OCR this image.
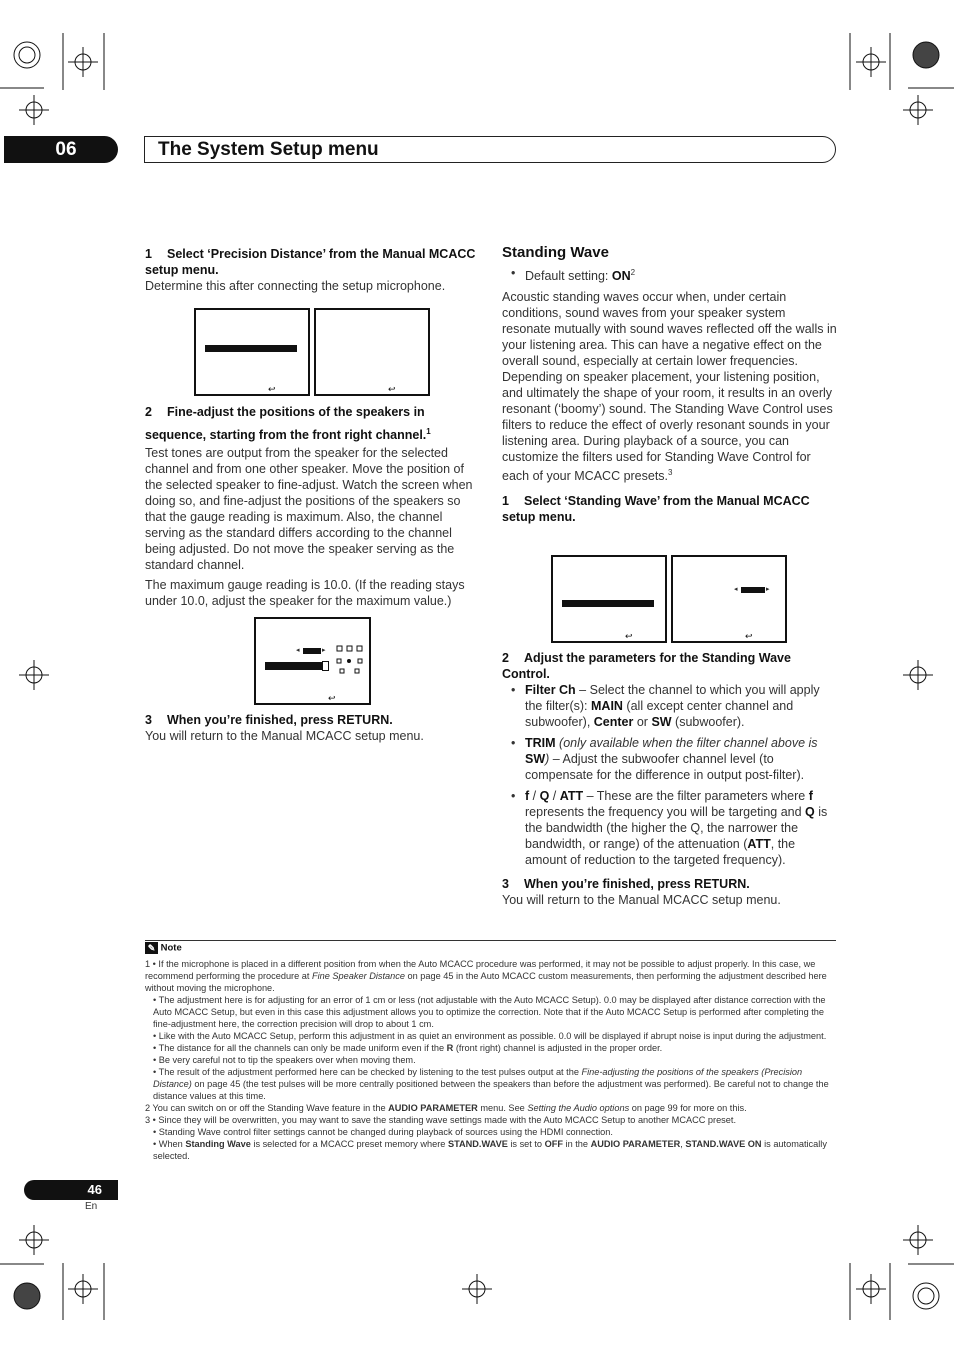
06	The System Setup menu
1 Select ‘Precision Distance’ from the Manual MCACC setup menu.
Determine this after connecting the setup microphone.
↩	↩
2 Fine-adjust the positions of the speakers in sequence, starting from the front right channel.$^1$
Test tones are output from the speaker for the selected channel and from one other speaker. Move the position of the selected speaker to fine-adjust. Watch the screen when doing so, and fine-adjust the positions of the speakers so that the gauge reading is maximum. Also, the channel serving as the standard differs according to the channel being adjusted. Do not move the speaker serving as the standard channel.
The maximum gauge reading is 10.0. (If the reading stays under 10.0, adjust the speaker for the maximum value.)
◂	▸
↩
3 When you’re finished, press RETURN.
You will return to the Manual MCACC setup menu.
Standing Wave
• Default setting: $ON^2$
Acoustic standing waves occur when, under certain conditions, sound waves from your speaker system resonate mutually with sound waves reflected off the walls in your listening area. This can have a negative effect on the overall sound, especially at certain lower frequencies. Depending on speaker placement, your listening position, and ultimately the shape of your room, it results in an overly resonant (‘boomy’) sound. The Standing Wave Control uses filters to reduce the effect of overly resonant sounds in your listening area. During playback of a source, you can customize the filters used for Standing Wave Control for each of your MCACC presets.$^3$
1 Select ‘Standing Wave’ from the Manual MCACC setup menu.
↩
◂	▸
↩
2 Adjust the parameters for the Standing Wave Control.
• Filter Ch – Select the channel to which you will apply the filter(s): MAIN (all except center channel and subwoofer), Center or SW (subwoofer).
• TRIM (only available when the filter channel above is SW) – Adjust the subwoofer channel level (to compensate for the difference in output post-filter).
• f / Q / ATT – These are the filter parameters where f represents the frequency you will be targeting and Q is the bandwidth (the higher the Q, the narrower the bandwidth, or range) of the attenuation (ATT, the amount of reduction to the targeted frequency).
3 When you’re finished, press RETURN.
You will return to the Manual MCACC setup menu.
✎ Note

1 • If the microphone is placed in a different position from when the Auto MCACC procedure was performed, it may not be possible to adjust properly. In this case, we recommend performing the procedure at Fine Speaker Distance on page 45 in the Auto MCACC custom measurements, then performing the adjustment described here without moving the microphone.

• The adjustment here is for adjusting for an error of 1 cm or less (not adjustable with the Auto MCACC Setup). 0.0 may be displayed after distance correction with the Auto MCACC Setup, but even in this case this adjustment allows you to optimize the correction. Note that if the Auto MCACC Setup is performed after completing the fine-adjustment here, the correction precision will drop to about 1 cm.

• Like with the Auto MCACC Setup, perform this adjustment in as quiet an environment as possible. 0.0 will be displayed if abrupt noise is input during the adjustment.

• The distance for all the channels can only be made uniform even if the R (front right) channel is adjusted in the proper order.

• Be very careful not to tip the speakers over when moving them.

• The result of the adjustment performed here can be checked by listening to the test pulses output at the Fine-adjusting the positions of the speakers (Precision Distance) on page 45 (the test pulses will be more centrally positioned between the speakers than before the adjustment was performed). Be careful not to change the distance values at this time.

2 You can switch on or off the Standing Wave feature in the AUDIO PARAMETER menu. See Setting the Audio options on page 99 for more on this.

3 • Since they will be overwritten, you may want to save the standing wave settings made with the Auto MCACC Setup to another MCACC preset.

• Standing Wave control filter settings cannot be changed during playback of sources using the HDMI connection.

• When Standing Wave is selected for a MCACC preset memory where STAND.WAVE is set to OFF in the AUDIO PARAMETER, STAND.WAVE ON is automatically selected.

46
En
